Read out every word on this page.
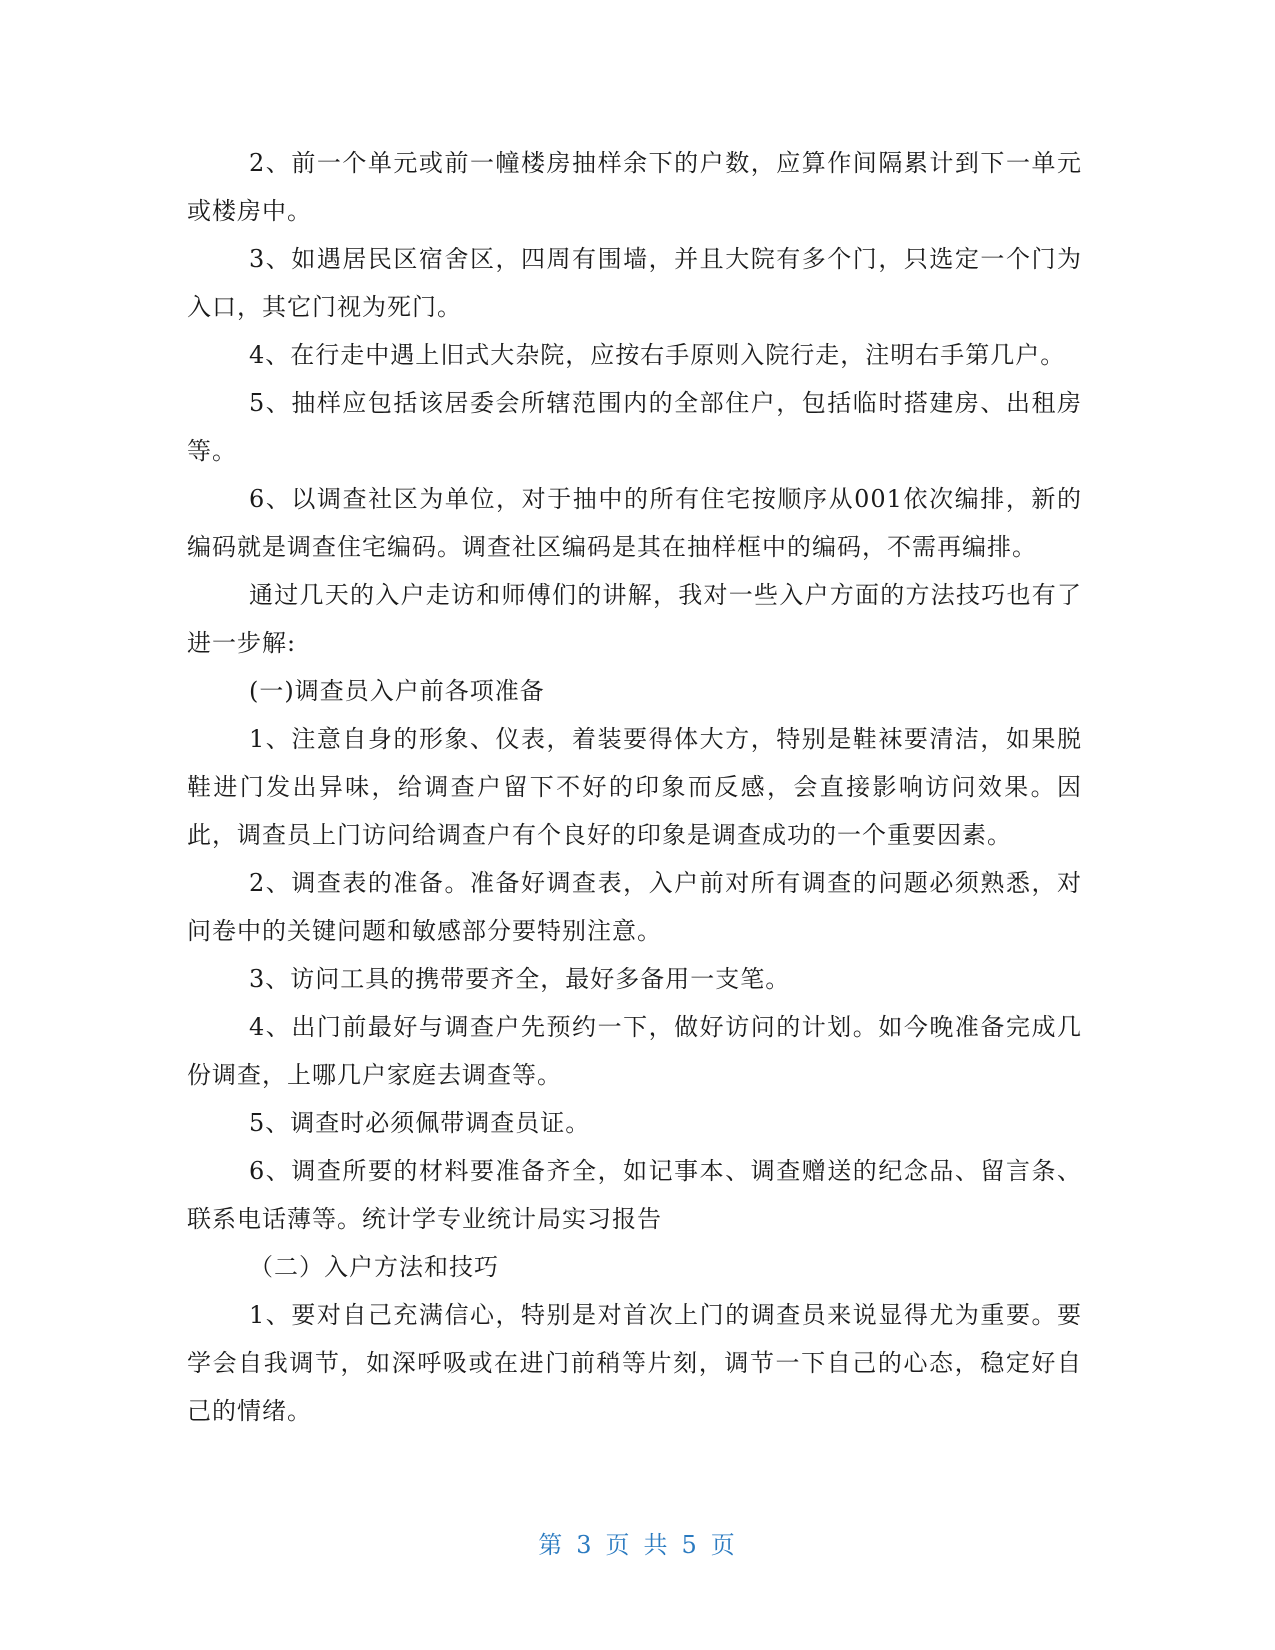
2、前一个单元或前一幢楼房抽样余下的户数，应算作间隔累计到下一单元或楼房中。

3、如遇居民区宿舍区，四周有围墙，并且大院有多个门，只选定一个门为入口，其它门视为死门。

4、在行走中遇上旧式大杂院，应按右手原则入院行走，注明右手第几户。

5、抽样应包括该居委会所辖范围内的全部住户，包括临时搭建房、出租房等。

6、以调查社区为单位，对于抽中的所有住宅按顺序从001依次编排，新的编码就是调查住宅编码。调查社区编码是其在抽样框中的编码，不需再编排。

通过几天的入户走访和师傅们的讲解，我对一些入户方面的方法技巧也有了进一步解:

(一)调查员入户前各项准备

1、注意自身的形象、仪表，着装要得体大方，特别是鞋袜要清洁，如果脱鞋进门发出异味，给调查户留下不好的印象而反感，会直接影响访问效果。因此，调查员上门访问给调查户有个良好的印象是调查成功的一个重要因素。

2、调查表的准备。准备好调查表，入户前对所有调查的问题必须熟悉，对问卷中的关键问题和敏感部分要特别注意。

3、访问工具的携带要齐全，最好多备用一支笔。

4、出门前最好与调查户先预约一下，做好访问的计划。如今晚准备完成几份调查，上哪几户家庭去调查等。

5、调查时必须佩带调查员证。

6、调查所要的材料要准备齐全，如记事本、调查赠送的纪念品、留言条、联系电话薄等。统计学专业统计局实习报告

（二）入户方法和技巧

1、要对自己充满信心，特别是对首次上门的调查员来说显得尤为重要。要学会自我调节，如深呼吸或在进门前稍等片刻，调节一下自己的心态，稳定好自己的情绪。

第 3 页 共 5 页
